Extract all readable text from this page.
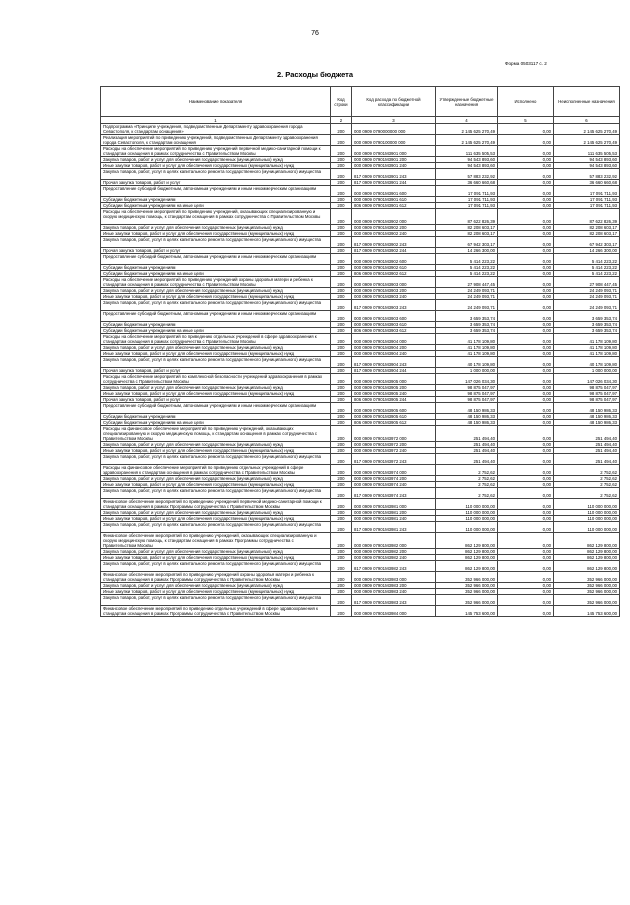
76
Форма 0503117 с. 2
2. Расходы бюджета
Наименование показателя	Код строки	Код расхода по бюджетной классификации	Утвержденные бюджетные назначения	Исполнено	Неисполненные назначения
1	2	3	4	5	6
Подпрограмма «Принципе учреждения, подведомственные Департаменту здравоохранения города Севастополя, к стандартам оснащения»	200	000 0909 0790000000 000	2 145 625 270,49	0,00	2 145 625 270,49
Реализация мероприятий по приведению учреждений, подведомственных Департаменту здравоохранения города Севастополя, к стандартам оснащения	200	000 0909 0790100000 000	2 145 625 270,49	0,00	2 145 625 270,49
Расходы на обеспечение мероприятий по приведению учреждений первичной медико-санитарной помощи к стандартам оснащения в рамках сотрудничества с Правительством Москвы	200	000 0909 07901М3901 000	111 635 505,53	0,00	111 635 505,53
Закупка товаров, работ и услуг для обеспечения государственных (муниципальных) нужд	200	000 0909 07901М3901 200	94 543 893,60	0,00	94 543 893,60
Иные закупки товаров, работ и услуг для обеспечения государственных (муниципальных) нужд	200	000 0909 07901М3901 240	94 543 893,60	0,00	94 543 893,60
Закупка товаров, работ, услуг в целях капитального ремонта государственного (муниципального) имущества	200	817 0909 07901М3901 243	57 883 232,92	0,00	57 883 232,92
Прочая закупка товаров, работ и услуг	200	817 0909 07901М3901 244	36 660 660,68	0,00	36 660 660,68
Предоставление субсидий бюджетным, автономным учреждениям и иным некоммерческим организациям	200	000 0909 07901М3901 600	17 091 711,93	0,00	17 091 711,93
Субсидии бюджетным учреждениям	200	000 0909 07901М3901 610	17 091 711,93	0,00	17 091 711,93
Субсидии бюджетным учреждениям на иные цели	200	806 0909 07901М3901 612	17 091 711,93	0,00	17 091 711,93
Расходы на обеспечение мероприятий по приведению учреждений, оказывающих специализированную и скорую медицинскую помощь, к стандартам оснащения в рамках сотрудничества с Правительством Москвы	200	000 0909 07901М3902 000	87 622 826,39	0,00	87 622 826,39
Закупка товаров, работ и услуг для обеспечения государственных (муниципальных) нужд	200	000 0909 07901М3902 200	82 208 603,17	0,00	82 208 603,17
Иные закупки товаров, работ и услуг для обеспечения государственных (муниципальных) нужд	200	000 0909 07901М3902 240	82 208 603,17	0,00	82 208 603,17
Закупка товаров, работ, услуг в целях капитального ремонта государственного (муниципального) имущества	200	817 0909 07901М3902 243	67 942 303,17	0,00	67 942 303,17
Прочая закупка товаров, работ и услуг	200	817 0909 07901М3902 244	14 266 300,00	0,00	14 266 300,00
Предоставление субсидий бюджетным, автономным учреждениям и иным некоммерческим организациям	200	000 0909 07901М3902 600	5 414 223,22	0,00	5 414 223,22
Субсидии бюджетным учреждениям	200	000 0909 07901М3902 610	5 414 223,22	0,00	5 414 223,22
Субсидии бюджетным учреждениям на иные цели	200	806 0909 07901М3902 612	5 414 223,22	0,00	5 414 223,22
Расходы на обеспечение мероприятий по приведению учреждений охраны здоровья матери и ребенка к стандартам оснащения в рамках сотрудничества с Правительством Москвы	200	000 0909 07901М3903 000	27 908 447,45	0,00	27 908 447,45
Закупка товаров, работ и услуг для обеспечения государственных (муниципальных) нужд	200	000 0909 07901М3903 200	24 249 093,71	0,00	24 249 093,71
Иные закупки товаров, работ и услуг для обеспечения государственных (муниципальных) нужд	200	000 0909 07901М3903 240	24 249 093,71	0,00	24 249 093,71
Закупка товаров, работ, услуг в целях капитального ремонта государственного (муниципального) имущества	200	817 0909 07901М3903 243	24 249 093,71	0,00	24 249 093,71
Предоставление субсидий бюджетным, автономным учреждениям и иным некоммерческим организациям	200	000 0909 07901М3903 600	3 659 353,74	0,00	3 659 353,74
Субсидии бюджетным учреждениям	200	000 0909 07901М3903 610	3 659 353,74	0,00	3 659 353,74
Субсидии бюджетным учреждениям на иные цели	200	806 0909 07901М3903 612	3 659 353,74	0,00	3 659 353,74
Расходы на обеспечение мероприятий по приведению отдельных учреждений в сфере здравоохранения к стандартам оснащения в рамках сотрудничества с Правительством Москвы	200	000 0909 07901М3904 000	41 178 109,80	0,00	41 178 109,80
Закупка товаров, работ и услуг для обеспечения государственных (муниципальных) нужд	200	000 0909 07901М3904 200	41 178 109,80	0,00	41 178 109,80
Иные закупки товаров, работ и услуг для обеспечения государственных (муниципальных) нужд	200	000 0909 07901М3904 240	41 178 109,80	0,00	41 178 109,80
Закупка товаров, работ, услуг в целях капитального ремонта государственного (муниципального) имущества	200	817 0909 07901М3904 243	40 178 109,80	0,00	40 178 109,80
Прочая закупка товаров, работ и услуг	200	817 0909 07901М3904 244	1 000 000,00	0,00	1 000 000,00
Расходы на обеспечение мероприятий по комплексной безопасности учреждений здравоохранения в рамках сотрудничества с Правительством Москвы	200	000 0909 07901М3905 000	147 026 034,30	0,00	147 026 034,30
Закупка товаров, работ и услуг для обеспечения государственных (муниципальных) нужд	200	000 0909 07901М3905 200	98 875 047,97	0,00	98 875 047,97
Иные закупки товаров, работ и услуг для обеспечения государственных (муниципальных) нужд	200	000 0909 07901М3905 240	98 875 047,97	0,00	98 875 047,97
Прочая закупка товаров, работ и услуг	200	806 0909 07901М3905 244	98 875 047,97	0,00	98 875 047,97
Предоставление субсидий бюджетным, автономным учреждениям и иным некоммерческим организациям	200	000 0909 07901М3905 600	48 150 986,33	0,00	48 150 986,33
Субсидии бюджетным учреждениям	200	000 0909 07901М3905 610	48 150 986,33	0,00	48 150 986,33
Субсидии бюджетным учреждениям на иные цели	200	806 0909 07901М3905 612	48 150 986,33	0,00	48 150 986,33
Расходы на финансовое обеспечение мероприятий по приведению учреждений, оказывающих специализированную и скорую медицинскую помощь, к стандартам оснащения в рамках сотрудничества с Правительством Москвы	200	000 0909 07901М3972 000	251 494,40	0,00	251 494,40
Закупка товаров, работ и услуг для обеспечения государственных (муниципальных) нужд	200	000 0909 07901М3972 200	251 494,40	0,00	251 494,40
Иные закупки товаров, работ и услуг для обеспечения государственных (муниципальных) нужд	200	000 0909 07901М3972 240	251 494,40	0,00	251 494,40
Закупка товаров, работ, услуг в целях капитального ремонта государственного (муниципального) имущества	200	817 0909 07901М3972 243	251 494,40	0,00	251 494,40
Расходы на финансовое обеспечение мероприятий по приведению отдельных учреждений в сфере здравоохранения к стандартам оснащения в рамках сотрудничества с Правительством Москвы	200	000 0909 07901М3974 000	2 752,62	0,00	2 752,62
Закупка товаров, работ и услуг для обеспечения государственных (муниципальных) нужд	200	000 0909 07901М3974 200	2 752,62	0,00	2 752,62
Иные закупки товаров, работ и услуг для обеспечения государственных (муниципальных) нужд	200	000 0909 07901М3974 240	2 752,62	0,00	2 752,62
Закупка товаров, работ, услуг в целях капитального ремонта государственного (муниципального) имущества	200	817 0909 07901М3974 243	2 752,62	0,00	2 752,62
Финансовое обеспечение мероприятий по приведению учреждений первичной медико-санитарной помощи к стандартам оснащения в рамках Программы сотрудничества с Правительством Москвы	200	000 0909 07901М3981 000	110 000 000,00	0,00	110 000 000,00
Закупка товаров, работ и услуг для обеспечения государственных (муниципальных) нужд	200	000 0909 07901М3981 200	110 000 000,00	0,00	110 000 000,00
Иные закупки товаров, работ и услуг для обеспечения государственных (муниципальных) нужд	200	000 0909 07901М3981 240	110 000 000,00	0,00	110 000 000,00
Закупка товаров, работ, услуг в целях капитального ремонта государственного (муниципального) имущества	200	817 0909 07901М3981 243	110 000 000,00	0,00	110 000 000,00
Финансовое обеспечение мероприятий по приведению учреждений, оказывающих специализированную и скорую медицинскую помощь, к стандартам оснащения в рамках Программы сотрудничества с Правительством Москвы	200	000 0909 07901М3982 000	862 129 800,00	0,00	862 129 800,00
Закупка товаров, работ и услуг для обеспечения государственных (муниципальных) нужд	200	000 0909 07901М3982 200	862 129 800,00	0,00	862 129 800,00
Иные закупки товаров, работ и услуг для обеспечения государственных (муниципальных) нужд	200	000 0909 07901М3982 240	862 129 800,00	0,00	862 129 800,00
Закупка товаров, работ, услуг в целях капитального ремонта государственного (муниципального) имущества	200	817 0909 07901М3982 243	862 129 800,00	0,00	862 129 800,00
Финансовое обеспечение мероприятий по приведению учреждений охраны здоровья матери и ребенка к стандартам оснащения в рамках Программы сотрудничества с Правительством Москвы	200	000 0909 07901М3983 000	352 966 000,00	0,00	352 966 000,00
Закупка товаров, работ и услуг для обеспечения государственных (муниципальных) нужд	200	000 0909 07901М3983 200	352 966 000,00	0,00	352 966 000,00
Иные закупки товаров, работ и услуг для обеспечения государственных (муниципальных) нужд	200	000 0909 07901М3983 240	352 966 000,00	0,00	352 966 000,00
Закупка товаров, работ, услуг в целях капитального ремонта государственного (муниципального) имущества	200	817 0909 07901М3983 243	352 966 000,00	0,00	352 966 000,00
Финансовое обеспечение мероприятий по приведению отдельных учреждений в сфере здравоохранения к стандартам оснащения в рамках Программы сотрудничества с Правительством Москвы	200	000 0909 07901М3984 000	145 753 600,00	0,00	145 753 600,00
